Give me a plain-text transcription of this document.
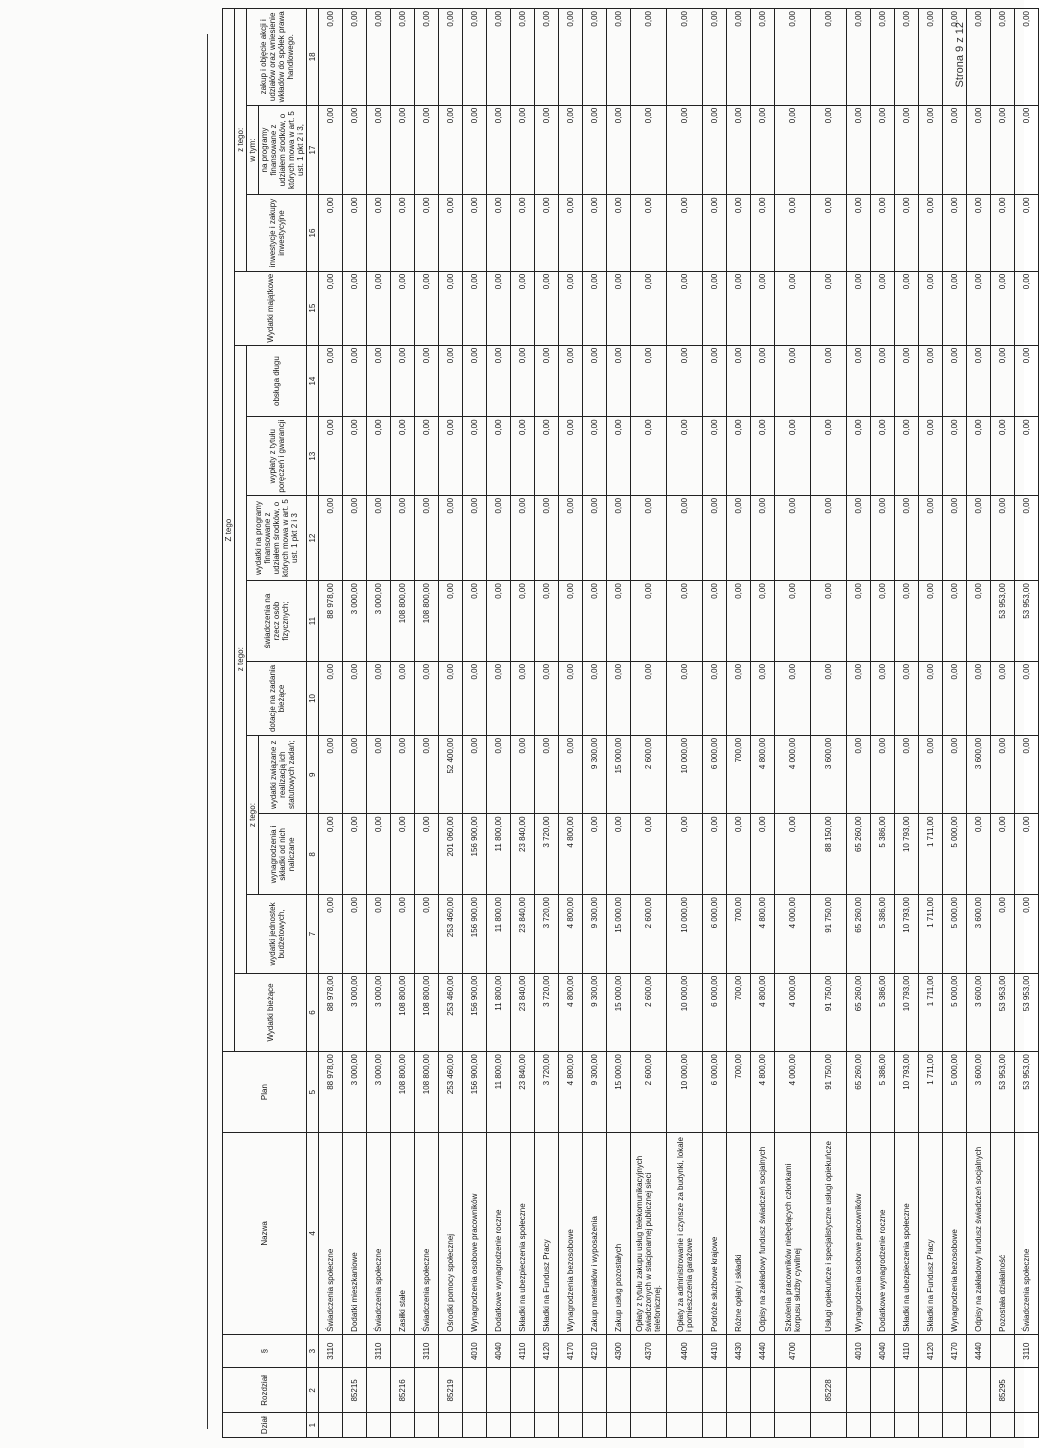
Strona 9 z 12
Dział	Rozdział	§	Nazwa	Plan	Z tego												
					Wydatki bieżące	z tego:								Wydatki majątkowe	z tego:		
						wydatki jednostek budżetowych,	z tego:		dotacje na zadania bieżące	świadczenia na rzecz osób fizycznych;	wydatki na programy finansowane z udziałem środków, o których mowa w art. 5 ust. 1 pkt 2 i 3	wypłaty z tytułu poręczeń i gwarancji	obsługa długu		inwestycje i zakupy inwestycyjne	w tym:	zakup i objęcie akcji i udziałów oraz wniesienie wkładów do spółek prawa handlowego.
							wynagrodzenia i składki od nich naliczane	wydatki związane z realizacją ich statutowych zadań;								na programy finansowane z udziałem środków, o których mowa w art. 5 ust. 1 pkt 2 i 3,	
1	2	3	4	5	6	7	8	9	10	11	12	13	14	15	16	17	18
		3110	Świadczenia społeczne	88 978,00	88 978,00	0,00	0,00	0,00	0,00	88 978,00	0,00	0,00	0,00	0,00	0,00	0,00	0,00
	85215		Dodatki mieszkaniowe	3 000,00	3 000,00	0,00	0,00	0,00	0,00	3 000,00	0,00	0,00	0,00	0,00	0,00	0,00	0,00
		3110	Świadczenia społeczne	3 000,00	3 000,00	0,00	0,00	0,00	0,00	3 000,00	0,00	0,00	0,00	0,00	0,00	0,00	0,00
	85216		Zasiłki stałe	108 800,00	108 800,00	0,00	0,00	0,00	0,00	108 800,00	0,00	0,00	0,00	0,00	0,00	0,00	0,00
		3110	Świadczenia społeczne	108 800,00	108 800,00	0,00	0,00	0,00	0,00	108 800,00	0,00	0,00	0,00	0,00	0,00	0,00	0,00
	85219		Ośrodki pomocy społecznej	253 460,00	253 460,00	253 460,00	201 060,00	52 400,00	0,00	0,00	0,00	0,00	0,00	0,00	0,00	0,00	0,00
		4010	Wynagrodzenia osobowe pracowników	156 900,00	156 900,00	156 900,00	156 900,00	0,00	0,00	0,00	0,00	0,00	0,00	0,00	0,00	0,00	0,00
		4040	Dodatkowe wynagrodzenie roczne	11 800,00	11 800,00	11 800,00	11 800,00	0,00	0,00	0,00	0,00	0,00	0,00	0,00	0,00	0,00	0,00
		4110	Składki na ubezpieczenia społeczne	23 840,00	23 840,00	23 840,00	23 840,00	0,00	0,00	0,00	0,00	0,00	0,00	0,00	0,00	0,00	0,00
		4120	Składki na Fundusz Pracy	3 720,00	3 720,00	3 720,00	3 720,00	0,00	0,00	0,00	0,00	0,00	0,00	0,00	0,00	0,00	0,00
		4170	Wynagrodzenia bezosobowe	4 800,00	4 800,00	4 800,00	4 800,00	0,00	0,00	0,00	0,00	0,00	0,00	0,00	0,00	0,00	0,00
		4210	Zakup materiałów i wyposażenia	9 300,00	9 300,00	9 300,00	0,00	9 300,00	0,00	0,00	0,00	0,00	0,00	0,00	0,00	0,00	0,00
		4300	Zakup usług pozostałych	15 000,00	15 000,00	15 000,00	0,00	15 000,00	0,00	0,00	0,00	0,00	0,00	0,00	0,00	0,00	0,00
		4370	Opłaty z tytułu zakupu usług telekomunikacyjnych świadczonych w stacjonarnej publicznej sieci telefonicznej.	2 600,00	2 600,00	2 600,00	0,00	2 600,00	0,00	0,00	0,00	0,00	0,00	0,00	0,00	0,00	0,00
		4400	Opłaty za administrowanie i czynsze za budynki, lokale i pomieszczenia garażowe	10 000,00	10 000,00	10 000,00	0,00	10 000,00	0,00	0,00	0,00	0,00	0,00	0,00	0,00	0,00	0,00
		4410	Podróże służbowe krajowe	6 000,00	6 000,00	6 000,00	0,00	6 000,00	0,00	0,00	0,00	0,00	0,00	0,00	0,00	0,00	0,00
		4430	Różne opłaty i składki	700,00	700,00	700,00	0,00	700,00	0,00	0,00	0,00	0,00	0,00	0,00	0,00	0,00	0,00
		4440	Odpisy na zakładowy fundusz świadczeń socjalnych	4 800,00	4 800,00	4 800,00	0,00	4 800,00	0,00	0,00	0,00	0,00	0,00	0,00	0,00	0,00	0,00
		4700	Szkolenia pracowników niebędących członkami korpusu służby cywilnej	4 000,00	4 000,00	4 000,00	0,00	4 000,00	0,00	0,00	0,00	0,00	0,00	0,00	0,00	0,00	0,00
	85228		Usługi opiekuńcze i specjalistyczne usługi opiekuńcze	91 750,00	91 750,00	91 750,00	88 150,00	3 600,00	0,00	0,00	0,00	0,00	0,00	0,00	0,00	0,00	0,00
		4010	Wynagrodzenia osobowe pracowników	65 260,00	65 260,00	65 260,00	65 260,00	0,00	0,00	0,00	0,00	0,00	0,00	0,00	0,00	0,00	0,00
		4040	Dodatkowe wynagrodzenie roczne	5 386,00	5 386,00	5 386,00	5 386,00	0,00	0,00	0,00	0,00	0,00	0,00	0,00	0,00	0,00	0,00
		4110	Składki na ubezpieczenia społeczne	10 793,00	10 793,00	10 793,00	10 793,00	0,00	0,00	0,00	0,00	0,00	0,00	0,00	0,00	0,00	0,00
		4120	Składki na Fundusz Pracy	1 711,00	1 711,00	1 711,00	1 711,00	0,00	0,00	0,00	0,00	0,00	0,00	0,00	0,00	0,00	0,00
		4170	Wynagrodzenia bezosobowe	5 000,00	5 000,00	5 000,00	5 000,00	0,00	0,00	0,00	0,00	0,00	0,00	0,00	0,00	0,00	0,00
		4440	Odpisy na zakładowy fundusz świadczeń socjalnych	3 600,00	3 600,00	3 600,00	0,00	3 600,00	0,00	0,00	0,00	0,00	0,00	0,00	0,00	0,00	0,00
	85295		Pozostała działalność	53 953,00	53 953,00	0,00	0,00	0,00	0,00	53 953,00	0,00	0,00	0,00	0,00	0,00	0,00	0,00
		3110	Świadczenia społeczne	53 953,00	53 953,00	0,00	0,00	0,00	0,00	53 953,00	0,00	0,00	0,00	0,00	0,00	0,00	0,00
